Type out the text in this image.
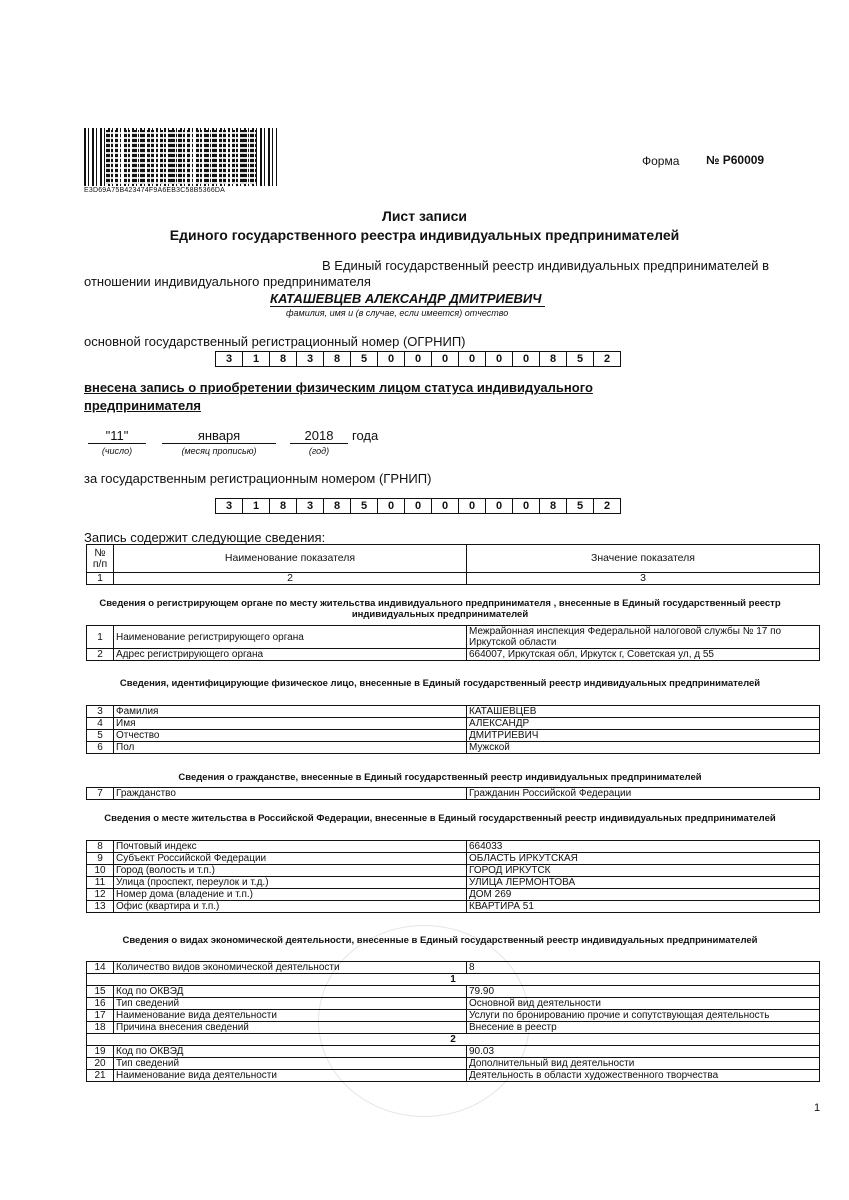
E3D69A75B423474F9A6EB3C58B5366DA
Форма № Р60009
Лист записи
Единого государственного реестра индивидуальных предпринимателей
В Единый государственный реестр индивидуальных предпринимателей в
отношении индивидуального предпринимателя
КАТАШЕВЦЕВ АЛЕКСАНДР ДМИТРИЕВИЧ
фамилия, имя и (в случае, если имеется) отчество
основной государственный регистрационный номер (ОГРНИП)
3	1	8	3	8	5	0	0	0	0	0	0	8	5	2
внесена запись о приобретении физическим лицом статуса индивидуального
предпринимателя
"11"	января	2018	года
(число)	(месяц прописью)	(год)
за государственным регистрационным номером (ГРНИП)
3	1	8	3	8	5	0	0	0	0	0	0	8	5	2
Запись содержит следующие сведения:
№ п/п	Наименование показателя	Значение показателя
1	2	3
Сведения о регистрирующем органе по месту жительства индивидуального предпринимателя , внесенные в Единый государственный реестр индивидуальных предпринимателей
1	Наименование регистрирующего органа	Межрайонная инспекция Федеральной налоговой службы № 17 по Иркутской области
2	Адрес регистрирующего органа	664007, Иркутская обл, Иркутск г, Советская ул, д 55
Сведения, идентифицирующие физическое лицо, внесенные в Единый государственный реестр индивидуальных предпринимателей
3	Фамилия	КАТАШЕВЦЕВ
4	Имя	АЛЕКСАНДР
5	Отчество	ДМИТРИЕВИЧ
6	Пол	Мужской
Сведения о гражданстве, внесенные в Единый государственный реестр индивидуальных предпринимателей
7	Гражданство	Гражданин Российской Федерации
Сведения о месте жительства в Российской Федерации, внесенные в Единый государственный реестр индивидуальных предпринимателей
8	Почтовый индекс	664033
9	Субъект Российской Федерации	ОБЛАСТЬ ИРКУТСКАЯ
10	Город (волость и т.п.)	ГОРОД ИРКУТСК
11	Улица (проспект, переулок и т.д.)	УЛИЦА ЛЕРМОНТОВА
12	Номер дома (владение и т.п.)	ДОМ 269
13	Офис (квартира и т.п.)	КВАРТИРА 51
Сведения о видах экономической деятельности, внесенные в Единый государственный реестр индивидуальных предпринимателей
14	Количество видов экономической деятельности	8
1		
15	Код по ОКВЭД	79.90
16	Тип сведений	Основной вид деятельности
17	Наименование вида деятельности	Услуги по бронированию прочие и сопутствующая деятельность
18	Причина внесения сведений	Внесение в реестр
2		
19	Код по ОКВЭД	90.03
20	Тип сведений	Дополнительный вид деятельности
21	Наименование вида деятельности	Деятельность в области художественного творчества
1
